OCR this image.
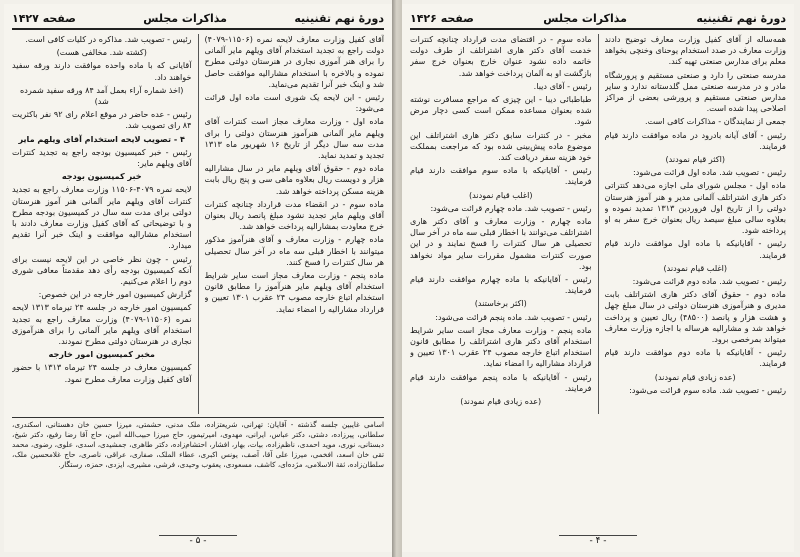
دورهٔ نهم تقنینیه
مذاکرات مجلس
صفحه ۱۴۲۷

آقای کفیل وزارت معارف لایحه نمره (۱۱۵۰۶-۴۰۷۹) دولت راجع به تجدید استخدام آقای ویلهم مایر آلمانی را برای هنر آموزی نجاری در هنرستان دولتی مطرح نموده و بالاخره با استخدام مشارالیه موافقت حاصل شد و اینک خبر آنرا تقدیم می‌نماید.

رئیس - این لایحه یک شوری است ماده اول قرائت می‌شود:

ماده اول - وزارت معارف مجاز است کنترات آقای ویلهم مایر آلمانی هنرآموز هنرستان دولتی را برای مدت سه سال دیگر از تاریخ ۱۶ شهریور ماه ۱۳۱۳ تجدید و تمدید نماید.

ماده دوم - حقوق آقای ویلهم مایر در سال مشارالیه هزار و دویست ریال بعلاوه ماهی سی و پنج ریال بابت هزینه مسکن پرداخته خواهد شد.

ماده سوم - در انقضاء مدت قرارداد چنانچه کنترات آقای ویلهم مایر تجدید نشود مبلغ پانصد ریال بعنوان خرج معاودت بمشارالیه پرداخت خواهد شد.

ماده چهارم - وزارت معارف و آقای هنرآموز مذکور میتوانند با اخطار قبلی سه ماه در آخر سال تحصیلی هر سال کنترات را فسخ کنند.

ماده پنجم - وزارت معارف مجاز است سایر شرایط استخدام آقای ویلهم مایر هنرآموز را مطابق قانون استخدام اتباع خارجه مصوب ۲۴ عقرب ۱۳۰۱ تعیین و قرارداد مشارالیه را امضاء نماید.

رئیس - تصویب شد. مذاکره در کلیات کافی است.

(کشته شد. مخالفی هست)

آقایانی که با ماده واحده موافقت دارند ورقه سفید خواهند داد.

(اخذ شماره آراء بعمل آمد ۸۴ ورقه سفید شمرده شد)

رئیس - عده حاضر در موقع اعلام رای ۹۲ نفر باکثریت ۸۴ رای تصویب شد.

۴ - تصویب لایحه استخدام آقای ویلهم مایر

رئیس - خبر کمیسیون بودجه راجع به تجدید کنترات آقای ویلهم مایر:

خبر کمیسیون بودجه

لایحه نمره ۴۰۷۹-۱۱۵۰۶ وزارت معارف راجع به تجدید کنترات آقای ویلهم مایر آلمانی هنر آموز هنرستان دولتی برای مدت سه سال در کمیسیون بودجه مطرح و با توضیحاتی که آقای کفیل وزارت معارف دادند با استخدام مشارالیه موافقت و اینک خبر آنرا تقدیم میدارد.

رئیس - چون نظر خاصی در این لایحه نیست برای آنکه کمیسیون بودجه رأی دهد مقدمتاً معافی شوری دوم را اعلام می‌کنیم.

گزارش کمیسیون امور خارجه در این خصوص:

کمیسیون امور خارجه در جلسه ۲۴ تیرماه ۱۳۱۳ لایحه نمره (۱۱۵۰۶-۴۰۷۹) وزارت معارف راجع به تجدید استخدام آقای ویلهم مایر آلمانی را برای هنرآموزی نجاری در هنرستان دولتی مطرح نمودند.

مخبر کمیسیون امور خارجه

کمیسیون معارف در جلسه ۲۴ تیرماه ۱۳۱۳ با حضور آقای کفیل وزارت معارف مطرح نمود.

اسامی غایبین جلسه گذشته - آقایان: تهرانی، شریعتزاده، ملک مدنی، حشمتی، میرزا حسین خان دهستانی، اسکندری، سلطانی، پیرزاده، دشتی، دکتر عباس، ایرانی، مهدوی، امیرتیمور، حاج میرزا حبیب‌الله امین، حاج آقا رضا رفیع، دکتر شیخ، دبستانی، نوری، موید احمدی، ناظم‌زاده، بیات، بهار، افشار، احتشام‌زاده، دکتر طاهری، جمشیدی، اسدی، علوی، رضوی، محمد تقی خان اسعد، افخمی، میرزا علی آقا، آصف، یونس اکبری، عطاء الملک، صفاری، عراقی، ناصری، حاج غلامحسین ملک، سلطان‌زاده، ثقة الاسلامی، مژده‌ای، کاشف، مسعودی، یعقوب وحیدی، فرشی، مشیری، ایزدی، حمزه، رستگار.
- ۵ -
دورهٔ نهم تقنینیه
مذاکرات مجلس
صفحه ۱۴۲۶

همه‌ساله از آقای کفیل وزارت معارف توضیح دادند وزارت معارف در صدد استخدام یوحنای وخنچی بخواهد معلم برای مدارس صنعتی تهیه کند.

مدرسه صنعتی را دارد و صنعتی مستقیم و پرورشگاه مادر و در مدرسه صنعتی ممل گلدستانه ندارد و سایر مدارس صنعتی مستقیم و پرورشی بعضی از مراکز اصلاحی پیدا شده است.

جمعی از نمایندگان - مذاکرات کافی است.

رئیس - آقای آیانه بادرود در ماده موافقت دارند قیام فرمایند.

(اکثر قیام نمودند)

رئیس - تصویب شد. ماده اول قرائت می‌شود:

ماده اول - مجلس شورای ملی اجازه می‌دهد کنتراتی دکتر هاری اشتراتلف آلمانی مدیر و هنر آموز هنرستان دولتی را از تاریخ اول فروردین ۱۳۱۳ تمدید نموده و بعلاوه سالی مبلغ سیصد ریال بعنوان خرج سفر به او پرداخته شود.

رئیس - آقایانیکه با ماده اول موافقت دارند قیام فرمایند.

(اغلب قیام نمودند)

رئیس - تصویب شد. ماده دوم قرائت می‌شود:

ماده دوم - حقوق آقای دکتر هاری اشتراتلف بابت مدیری و هنرآموزی هنرستان دولتی در سال مبلغ چهل و هشت هزار و پانصد (۴۸۵۰۰) ریال تعیین و پرداخت خواهد شد و مشارالیه هرساله با اجازه وزارت معارف میتواند بمرخصی برود.

رئیس - آقایانیکه با ماده دوم موافقت دارند قیام فرمایند.

(عده زیادی قیام نمودند)

رئیس - تصویب شد. ماده سوم قرائت می‌شود:

ماده سوم - در اقتضای مدت قرارداد چنانچه کنترات خدمت آقای دکتر هاری اشتراتلف از طرف دولت خاتمه داده نشود عنوان خارج بعنوان خرج سفر بازگشت او به آلمان پرداخت خواهد شد.

رئیس - آقای دیبا.

طباطبائی دیبا - این چیزی که مراجع مسافرت نوشته شده بعنوان مساعده ممکن است کسی دچار مرض شود.

مخبر - در کنترات سابق دکتر هاری اشتراتلف این موضوع ماده پیش‌بینی شده بود که مراجعت بمملکت خود هزینه سفر دریافت کند.

رئیس - آقایانیکه با ماده سوم موافقت دارند قیام فرمایند.

(اغلب قیام نمودند)

رئیس - تصویب شد. ماده چهارم قرائت می‌شود:

ماده چهارم - وزارت معارف و آقای دکتر هاری اشتراتلف می‌توانند با اخطار قبلی سه ماه در آخر سال تحصیلی هر سال کنترات را فسخ نمایند و در این صورت کنترات مشمول مقررات سایر مواد نخواهد بود.

رئیس - آقایانیکه با ماده چهارم موافقت دارند قیام فرمایند.

(اکثر برخاستند)

رئیس - تصویب شد. ماده پنجم قرائت می‌شود:

ماده پنجم - وزارت معارف مجاز است سایر شرایط استخدام آقای دکتر هاری اشتراتلف را مطابق قانون استخدام اتباع خارجه مصوب ۲۴ عقرب ۱۳۰۱ تعیین و قرارداد مشارالیه را امضاء نماید.

رئیس - آقایانیکه با ماده پنجم موافقت دارند قیام فرمایند.

(عده زیادی قیام نمودند)

- ۴ -
